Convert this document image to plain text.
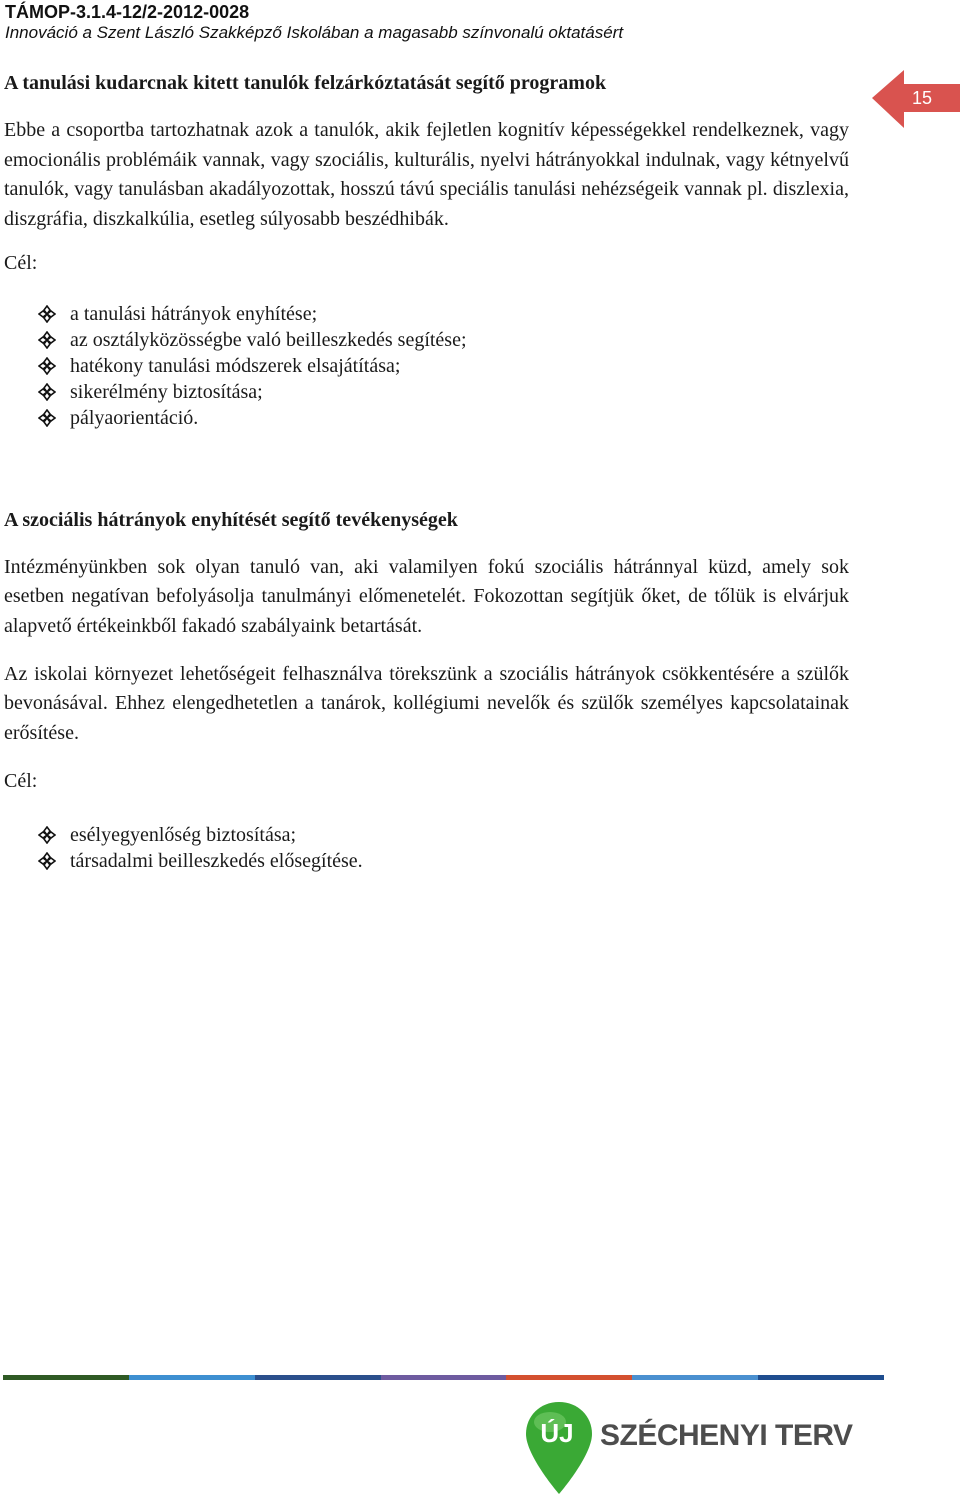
TÁMOP-3.1.4-12/2-2012-0028
Innováció a Szent László Szakképző Iskolában a magasabb színvonalú oktatásért
15
A tanulási kudarcnak kitett tanulók felzárkóztatását segítő programok

Ebbe a csoportba tartozhatnak azok a tanulók, akik fejletlen kognitív képességekkel rendelkeznek, vagy emocionális problémáik vannak, vagy szociális, kulturális, nyelvi hátrányokkal indulnak, vagy kétnyelvű tanulók, vagy tanulásban akadályozottak, hosszú távú speciális tanulási nehézségeik vannak pl. diszlexia, diszgráfia, diszkalkúlia, esetleg súlyosabb beszédhibák.

Cél:

a tanulási hátrányok enyhítése;
az osztályközösségbe való beilleszkedés segítése;
hatékony tanulási módszerek elsajátítása;
sikerélmény biztosítása;
pályaorientáció.
A szociális hátrányok enyhítését segítő tevékenységek

Intézményünkben sok olyan tanuló van, aki valamilyen fokú szociális hátránnyal küzd, amely sok esetben negatívan befolyásolja tanulmányi előmenetelét. Fokozottan segítjük őket, de tőlük is elvárjuk alapvető értékeinkből fakadó szabályaink betartását.

Az iskolai környezet lehetőségeit felhasználva törekszünk a szociális hátrányok csökkentésére a szülők bevonásával. Ehhez elengedhetetlen a tanárok, kollégiumi nevelők és szülők személyes kapcsolatainak erősítése.

Cél:

esélyegyenlőség biztosítása;
társadalmi beilleszkedés elősegítése.
ÚJ SZÉCHENYI TERV
